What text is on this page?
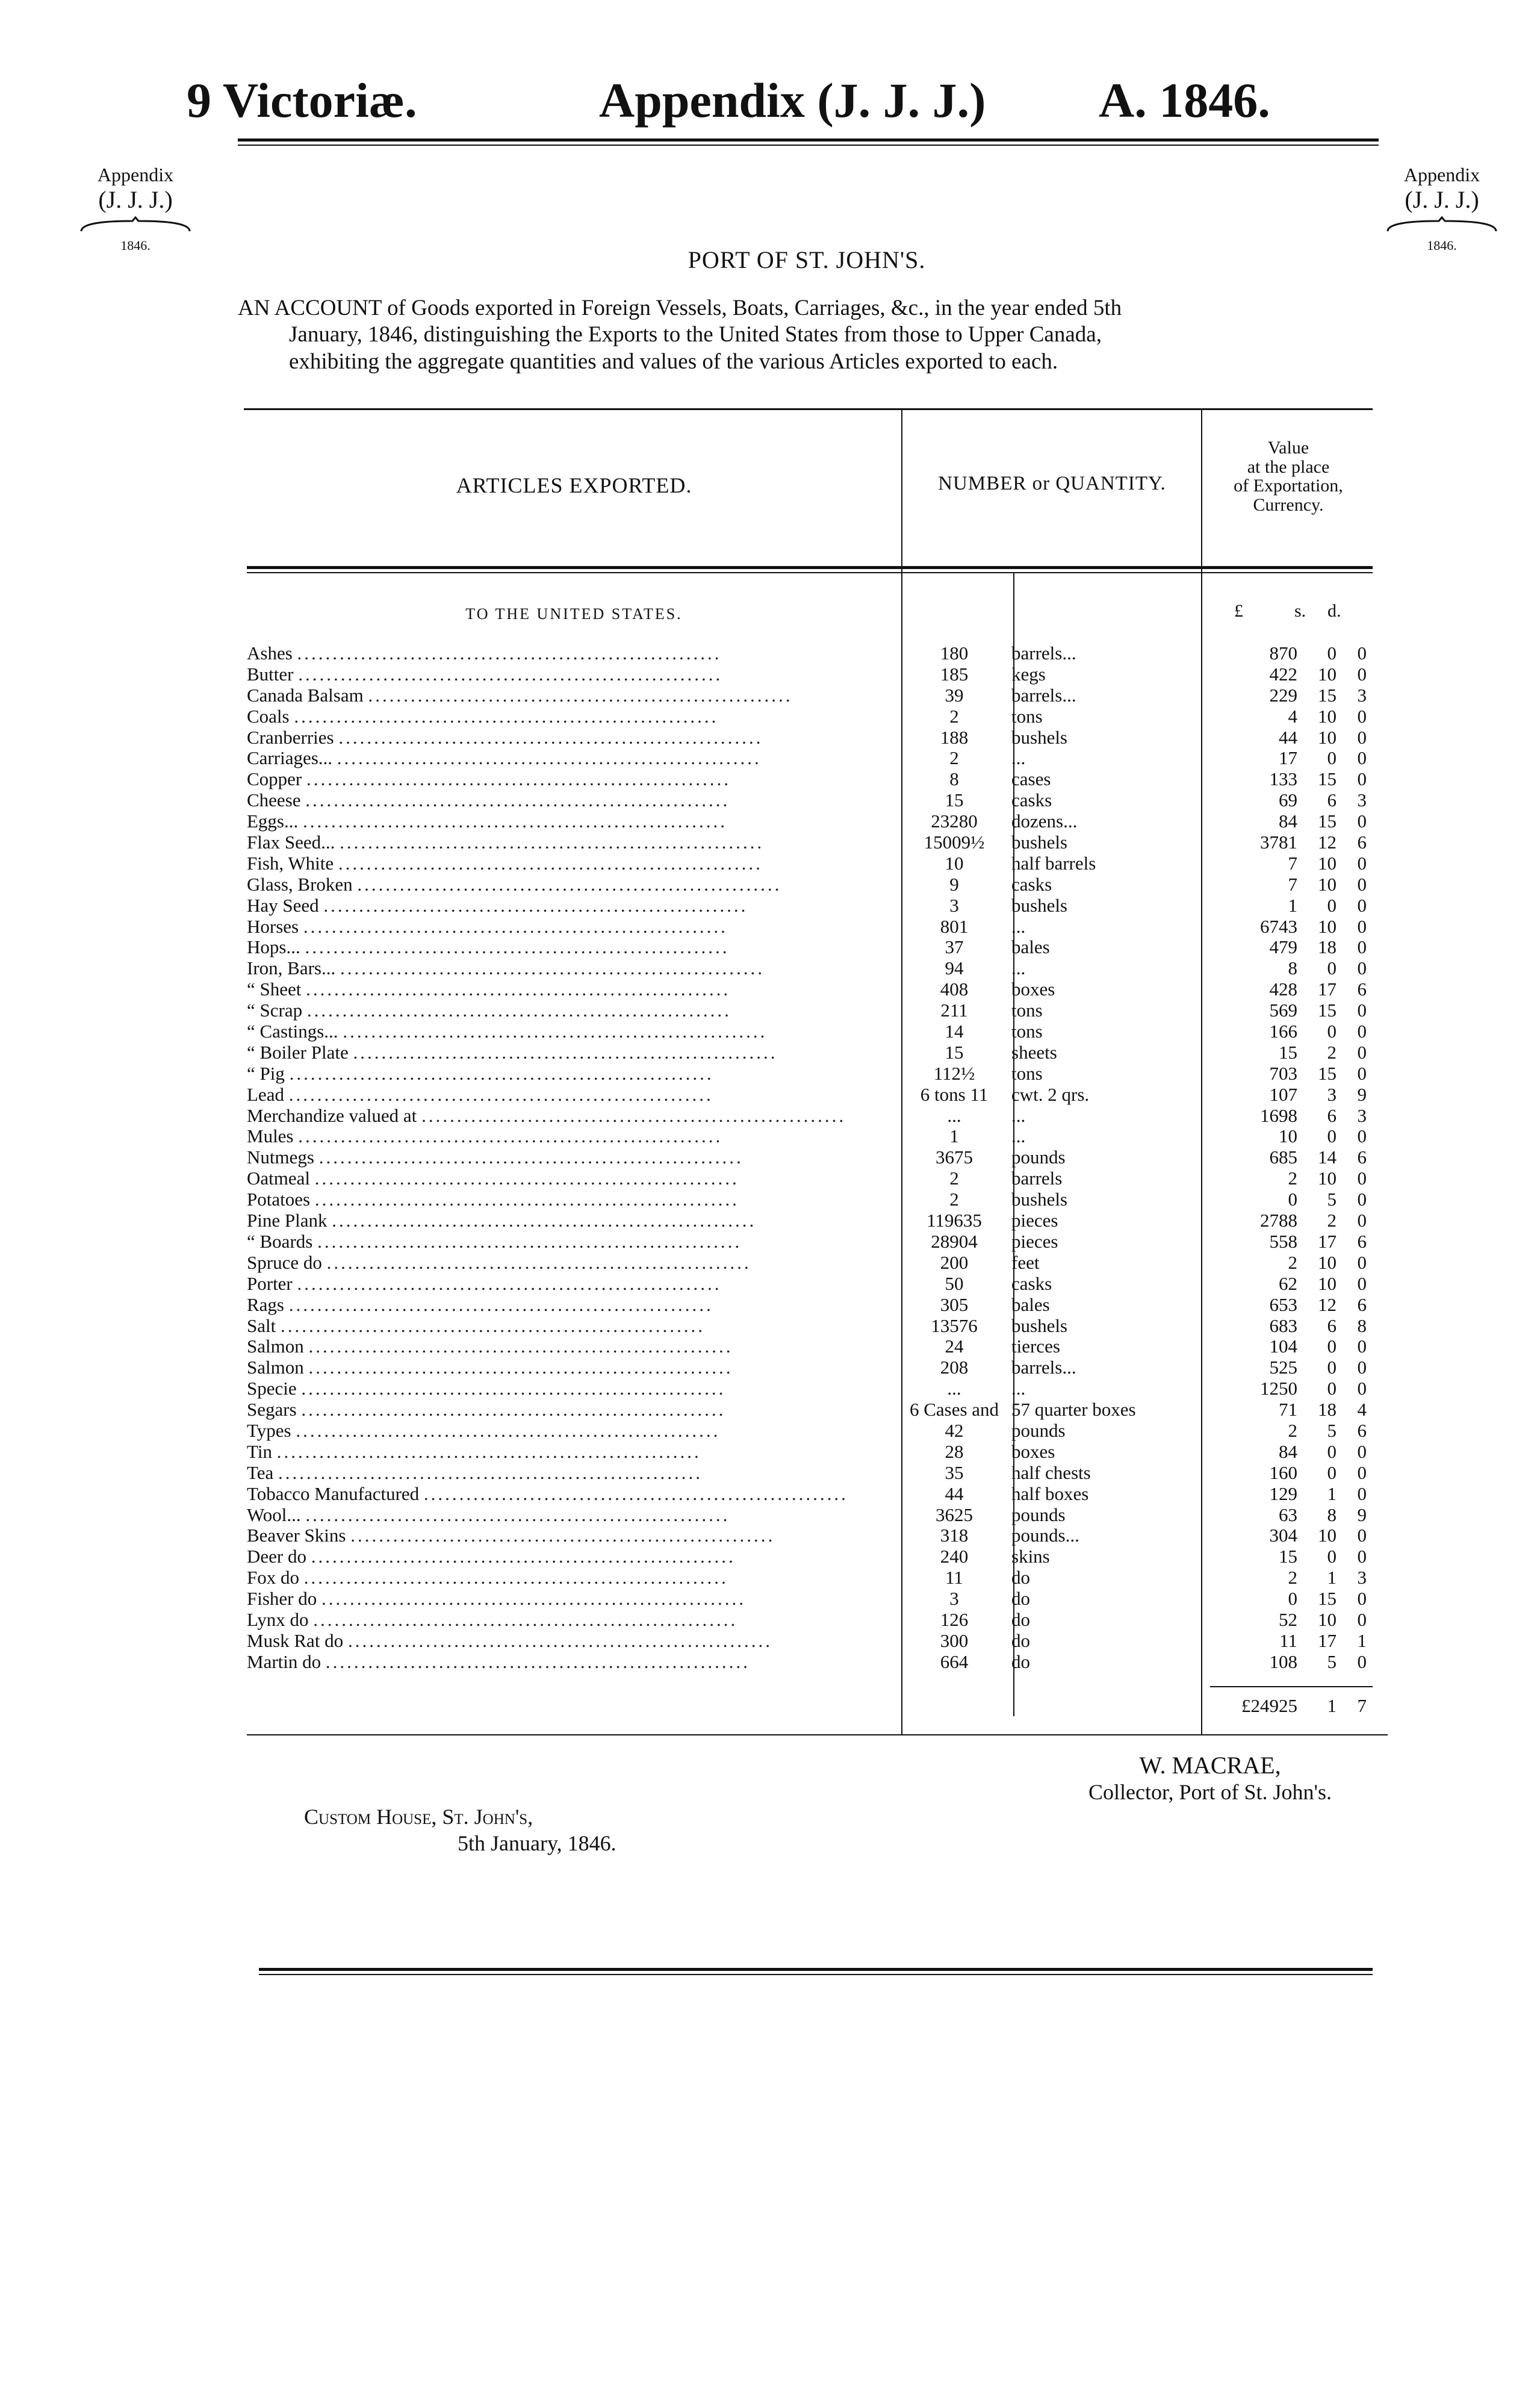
9 Victoriæ.	Appendix (J. J. J.) A. 1846.
Appendix
(J. J. J.)
1846.
Appendix
(J. J. J.)
1846.
PORT OF ST. JOHN'S.
AN ACCOUNT of Goods exported in Foreign Vessels, Boats, Carriages, &c., in the year ended 5th

January, 1846, distinguishing the Exports to the United States from those to Upper Canada,
exhibiting the aggregate quantities and values of the various Articles exported to each.
ARTICLES EXPORTED.	NUMBER or QUANTITY.
Value
at the place
of Exportation,
Currency.
TO THE UNITED STATES.	£	s. d.
Ashes ............................................................	180	barrels...	870	0	0
Butter ............................................................	185	kegs	422	10	0
Canada Balsam ............................................................	39	barrels...	229	15	3
Coals ............................................................	2	tons	4	10	0
Cranberries ............................................................	188	bushels	44	10	0
Carriages... ............................................................	2	...	17	0	0
Copper ............................................................	8	cases	133	15	0
Cheese ............................................................	15	casks	69	6	3
Eggs... ............................................................	23280	dozens...	84	15	0
Flax Seed... ............................................................	15009½	bushels	3781	12	6
Fish, White ............................................................	10	half barrels	7	10	0
Glass, Broken ............................................................	9	casks	7	10	0
Hay Seed ............................................................	3	bushels	1	0	0
Horses ............................................................	801	...	6743	10	0
Hops... ............................................................	37	bales	479	18	0
Iron, Bars... ............................................................	94	...	8	0	0
“ Sheet ............................................................	408	boxes	428	17	6
“ Scrap ............................................................	211	tons	569	15	0
“ Castings... ............................................................	14	tons	166	0	0
“ Boiler Plate ............................................................	15	sheets	15	2	0
“ Pig ............................................................	112½	tons	703	15	0
Lead ............................................................	6 tons 11	cwt. 2 qrs.	107	3	9
Merchandize valued at ............................................................	...	...	1698	6	3
Mules ............................................................	1	...	10	0	0
Nutmegs ............................................................	3675	pounds	685	14	6
Oatmeal ............................................................	2	barrels	2	10	0
Potatoes ............................................................	2	bushels	0	5	0
Pine Plank ............................................................	119635	pieces	2788	2	0
“ Boards ............................................................	28904	pieces	558	17	6
Spruce do ............................................................	200	feet	2	10	0
Porter ............................................................	50	casks	62	10	0
Rags ............................................................	305	bales	653	12	6
Salt ............................................................	13576	bushels	683	6	8
Salmon ............................................................	24	tierces	104	0	0
Salmon ............................................................	208	barrels...	525	0	0
Specie ............................................................	...	...	1250	0	0
Segars ............................................................	6 Cases and 57 quarter boxes	71	18	4
Types ............................................................	42	pounds	2	5	6
Tin ............................................................	28	boxes	84	0	0
Tea ............................................................	35	half chests	160	0	0
Tobacco Manufactured ............................................................	44	half boxes	129	1	0
Wool... ............................................................	3625	pounds	63	8	9
Beaver Skins ............................................................	318	pounds...	304	10	0
Deer do ............................................................	240	skins	15	0	0
Fox do ............................................................	11	do	2	1	3
Fisher do ............................................................	3	do	0	15	0
Lynx do ............................................................	126	do	52	10	0
Musk Rat do ............................................................	300	do	11	17	1
Martin do ............................................................	664	do	108	5	0
£24925	1	7
W. MACRAE,
Collector, Port of St. John's.
Custom House, St. John's,
5th January, 1846.
